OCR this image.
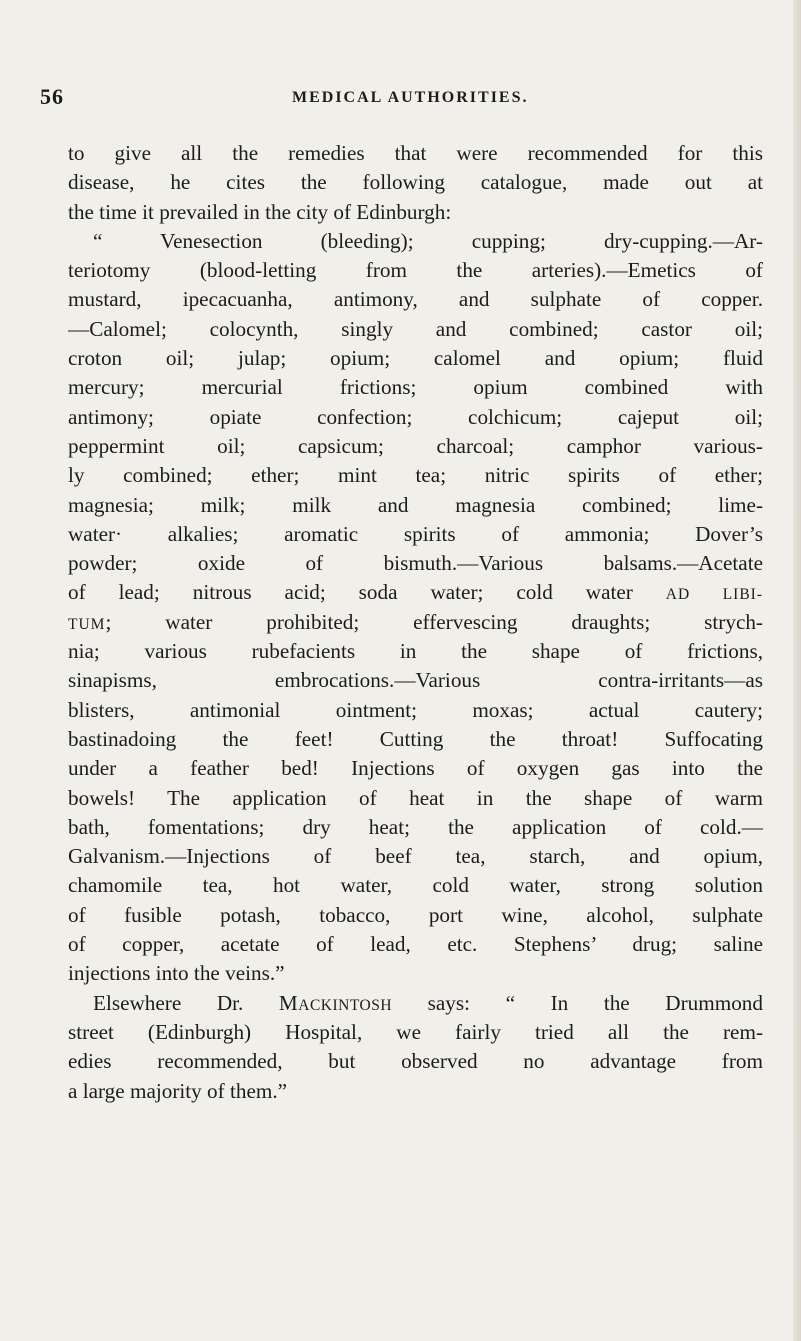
56	MEDICAL AUTHORITIES.
to give all the remedies that were recommended for this
disease, he cites the following catalogue, made out at
the time it prevailed in the city of Edinburgh:
“ Venesection (bleeding); cupping; dry-cupping.—Ar-
teriotomy (blood-letting from the arteries).—Emetics of
mustard, ipecacuanha, antimony, and sulphate of copper.
—Calomel; colocynth, singly and combined; castor oil;
croton oil; julap; opium; calomel and opium; fluid
mercury; mercurial frictions; opium combined with
antimony; opiate confection; colchicum; cajeput oil;
peppermint oil; capsicum; charcoal; camphor various-
ly combined; ether; mint tea; nitric spirits of ether;
magnesia; milk; milk and magnesia combined; lime-
water· alkalies; aromatic spirits of ammonia; Dover’s
powder; oxide of bismuth.—Various balsams.—Acetate
of lead; nitrous acid; soda water; cold water AD LIBI-
TUM; water prohibited; effervescing draughts; strych-
nia; various rubefacients in the shape of frictions,
sinapisms, embrocations.—Various contra-irritants—as
blisters, antimonial ointment; moxas; actual cautery;
bastinadoing the feet! Cutting the throat! Suffocating
under a feather bed! Injections of oxygen gas into the
bowels! The application of heat in the shape of warm
bath, fomentations; dry heat; the application of cold.—
Galvanism.—Injections of beef tea, starch, and opium,
chamomile tea, hot water, cold water, strong solution
of fusible potash, tobacco, port wine, alcohol, sulphate
of copper, acetate of lead, etc. Stephens’ drug; saline
injections into the veins.”
Elsewhere Dr. MACKINTOSH says: “ In the Drummond
street (Edinburgh) Hospital, we fairly tried all the rem-
edies recommended, but observed no advantage from
a large majority of them.”
